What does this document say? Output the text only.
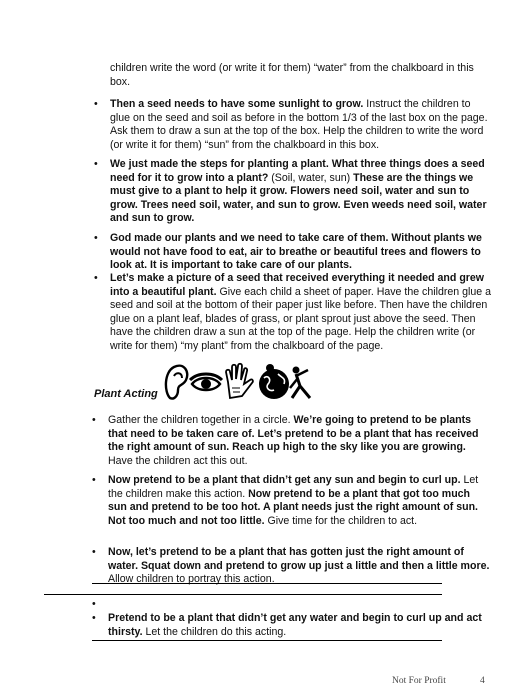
children write the word (or write it for them) “water” from the chalkboard in this
box.
•	Then a seed needs to have some sunlight to grow. Instruct the children to glue on the seed and soil as before in the bottom 1/3 of the last box on the page. Ask them to draw a sun at the top of the box. Help the children to write the word (or write it for them) “sun” from the chalkboard in this box.
•	We just made the steps for planting a plant. What three things does a seed need for it to grow into a plant? (Soil, water, sun) These are the things we must give to a plant to help it grow. Flowers need soil, water and sun to grow. Trees need soil, water, and sun to grow. Even weeds need soil, water and sun to grow.
•	God made our plants and we need to take care of them. Without plants we would not have food to eat, air to breathe or beautiful trees and flowers to look at. It is important to take care of our plants.
•	Let’s make a picture of a seed that received everything it needed and grew into a beautiful plant. Give each child a sheet of paper. Have the children glue a seed and soil at the bottom of their paper just like before. Then have the children glue on a plant leaf, blades of grass, or plant sprout just above the seed. Then have the children draw a sun at the top of the page. Help the children write (or write for them) “my plant” from the chalkboard of the page.
Plant Acting
•	Gather the children together in a circle. We’re going to pretend to be plants that need to be taken care of. Let’s pretend to be a plant that has received the right amount of sun. Reach up high to the sky like you are growing. Have the children act this out.
•	Now pretend to be a plant that didn’t get any sun and begin to curl up. Let the children make this action. Now pretend to be a plant that got too much sun and pretend to be too hot. A plant needs just the right amount of sun. Not too much and not too little. Give time for the children to act.
•	Now, let’s pretend to be a plant that has gotten just the right amount of water. Squat down and pretend to grow up just a little and then a little more. Allow children to portray this action.
•
•	Pretend to be a plant that didn’t get any water and begin to curl up and act thirsty. Let the children do this acting.
Not For Profit	4
